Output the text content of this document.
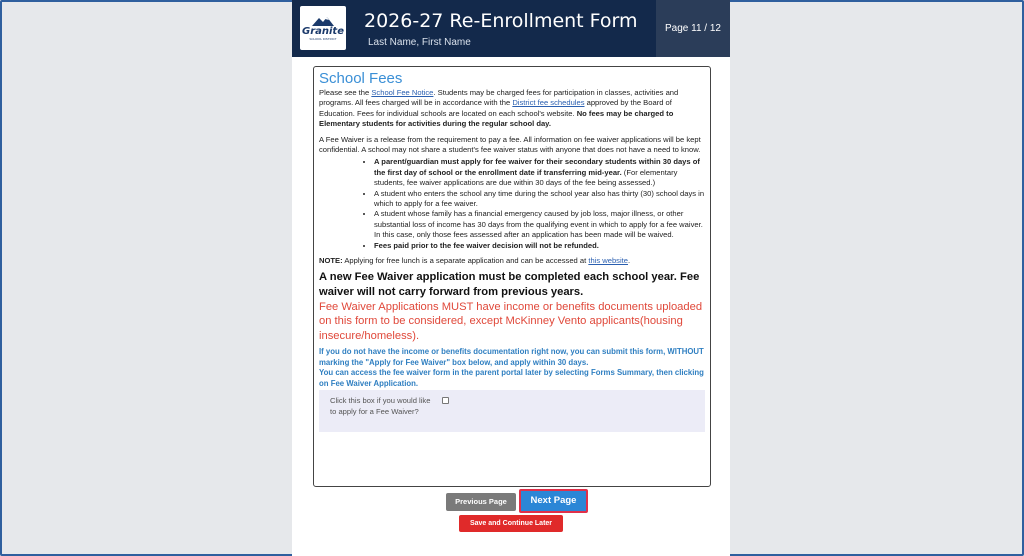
Granite
SCHOOL DISTRICT
2026-27 Re-Enrollment Form
Last Name, First Name
Page 11 / 12
School Fees

Please see the School Fee Notice. Students may be charged fees for participation in classes, activities and programs. All fees charged will be in accordance with the District fee schedules approved by the Board of Education. Fees for individual schools are located on each school's website. No fees may be charged to Elementary students for activities during the regular school day.

A Fee Waiver is a release from the requirement to pay a fee. All information on fee waiver applications will be kept confidential. A school may not share a student's fee waiver status with anyone that does not have a need to know.

• A parent/guardian must apply for fee waiver for their secondary students within 30 days of the first day of school or the enrollment date if transferring mid-year. (For elementary students, fee waiver applications are due within 30 days of the fee being assessed.)
• A student who enters the school any time during the school year also has thirty (30) school days in which to apply for a fee waiver.
• A student whose family has a financial emergency caused by job loss, major illness, or other substantial loss of income has 30 days from the qualifying event in which to apply for a fee waiver. In this case, only those fees assessed after an application has been made will be waived.
• Fees paid prior to the fee waiver decision will not be refunded.

NOTE: Applying for free lunch is a separate application and can be accessed at this website.

A new Fee Waiver application must be completed each school year. Fee waiver will not carry forward from previous years.

Fee Waiver Applications MUST have income or benefits documents uploaded on this form to be considered, except McKinney Vento applicants(housing insecure/homeless).

If you do not have the income or benefits documentation right now, you can submit this form, WITHOUT marking the "Apply for Fee Waiver" box below, and apply within 30 days.
You can access the fee waiver form in the parent portal later by selecting Forms Summary, then clicking on Fee Waiver Application.

Click this box if you would like to apply for a Fee Waiver?
Previous Page	Next Page
Save and Continue Later
